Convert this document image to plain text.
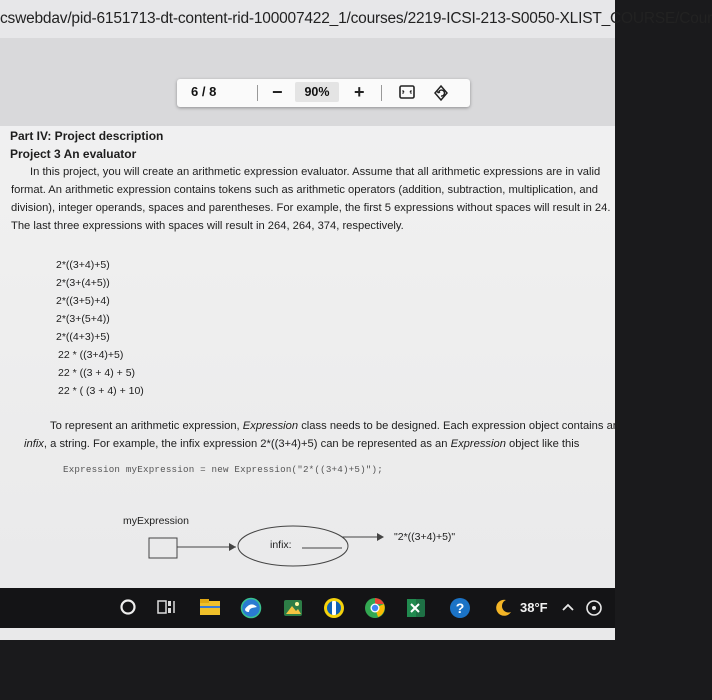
cswebdav/pid-6151713-dt-content-rid-100007422_1/courses/2219-ICSI-213-S0050-XLIST_COURSE/Cour
6 / 8	−	90%	+
Part IV: Project description
Project 3 An evaluator
In this project, you will create an arithmetic expression evaluator. Assume that all arithmetic expressions are in valid
format. An arithmetic expression contains tokens such as arithmetic operators (addition, subtraction, multiplication, and
division), integer operands, spaces and parentheses. For example, the first 5 expressions without spaces will result in 24.
The last three expressions with spaces will result in 264, 264, 374, respectively.
2*((3+4)+5)
2*(3+(4+5))
2*((3+5)+4)
2*(3+(5+4))
2*((4+3)+5)
22 * ((3+4)+5)
22 * ((3 + 4) + 5)
22 * ( (3 + 4) + 10)
To represent an arithmetic expression, Expression class needs to be designed. Each expression object contains an
infix, a string. For example, the infix expression 2*((3+4)+5) can be represented as an Expression object like this
Expression myExpression = new Expression("2*((3+4)+5)");
myExpression
infix:
"2*((3+4)+5)"
?	38°F
